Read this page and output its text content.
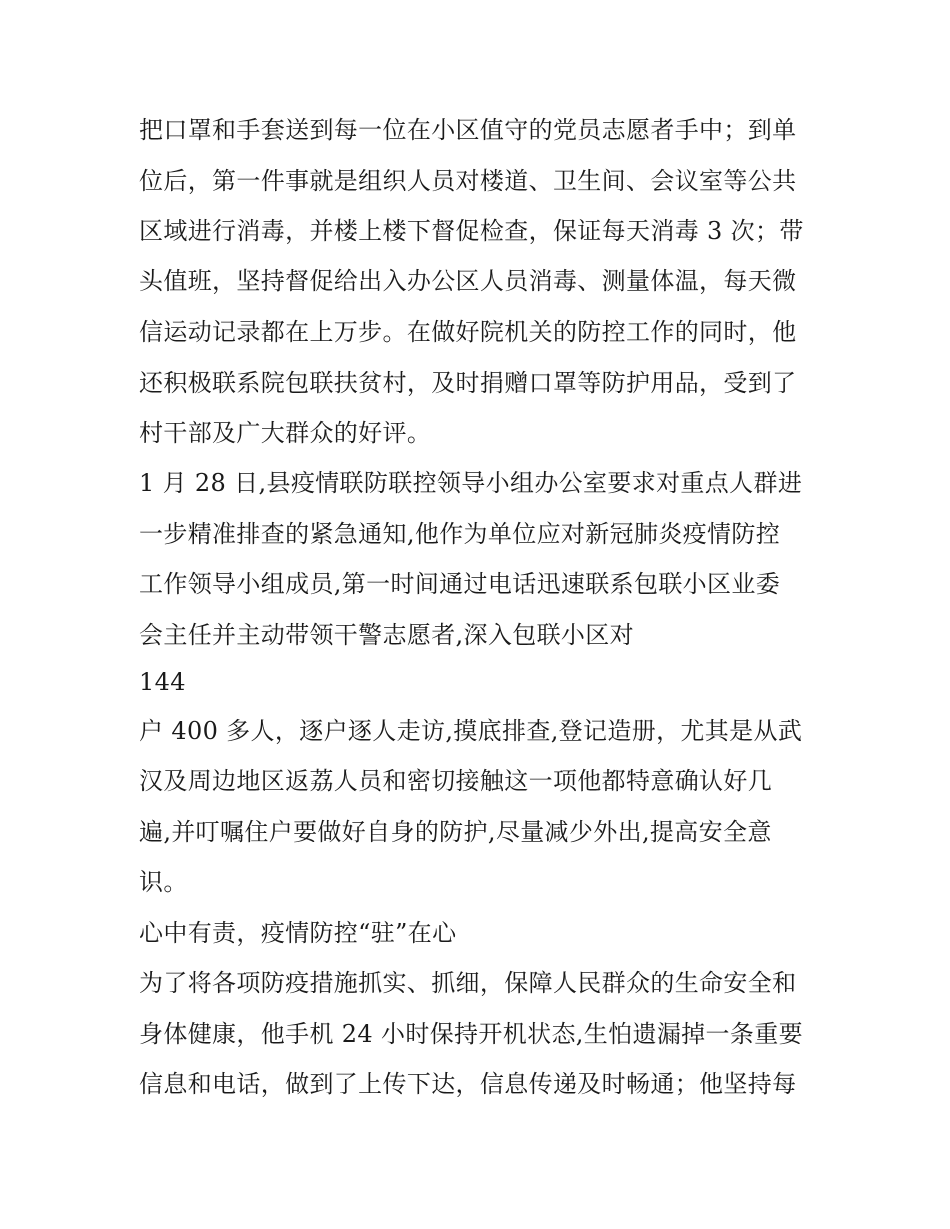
把口罩和手套送到每一位在小区值守的党员志愿者手中；到单
位后，第一件事就是组织人员对楼道、卫生间、会议室等公共
区域进行消毒，并楼上楼下督促检查，保证每天消毒 3 次；带
头值班，坚持督促给出入办公区人员消毒、测量体温，每天微
信运动记录都在上万步。在做好院机关的防控工作的同时，他
还积极联系院包联扶贫村，及时捐赠口罩等防护用品，受到了
村干部及广大群众的好评。
1 月 28 日,县疫情联防联控领导小组办公室要求对重点人群进
一步精准排查的紧急通知,他作为单位应对新冠肺炎疫情防控
工作领导小组成员,第一时间通过电话迅速联系包联小区业委
会主任并主动带领干警志愿者,深入包联小区对
144
户 400 多人，逐户逐人走访,摸底排查,登记造册，尤其是从武
汉及周边地区返荔人员和密切接触这一项他都特意确认好几
遍,并叮嘱住户要做好自身的防护,尽量减少外出,提高安全意
识。
心中有责，疫情防控“驻”在心
为了将各项防疫措施抓实、抓细，保障人民群众的生命安全和
身体健康，他手机 24 小时保持开机状态,生怕遗漏掉一条重要
信息和电话，做到了上传下达，信息传递及时畅通；他坚持每
